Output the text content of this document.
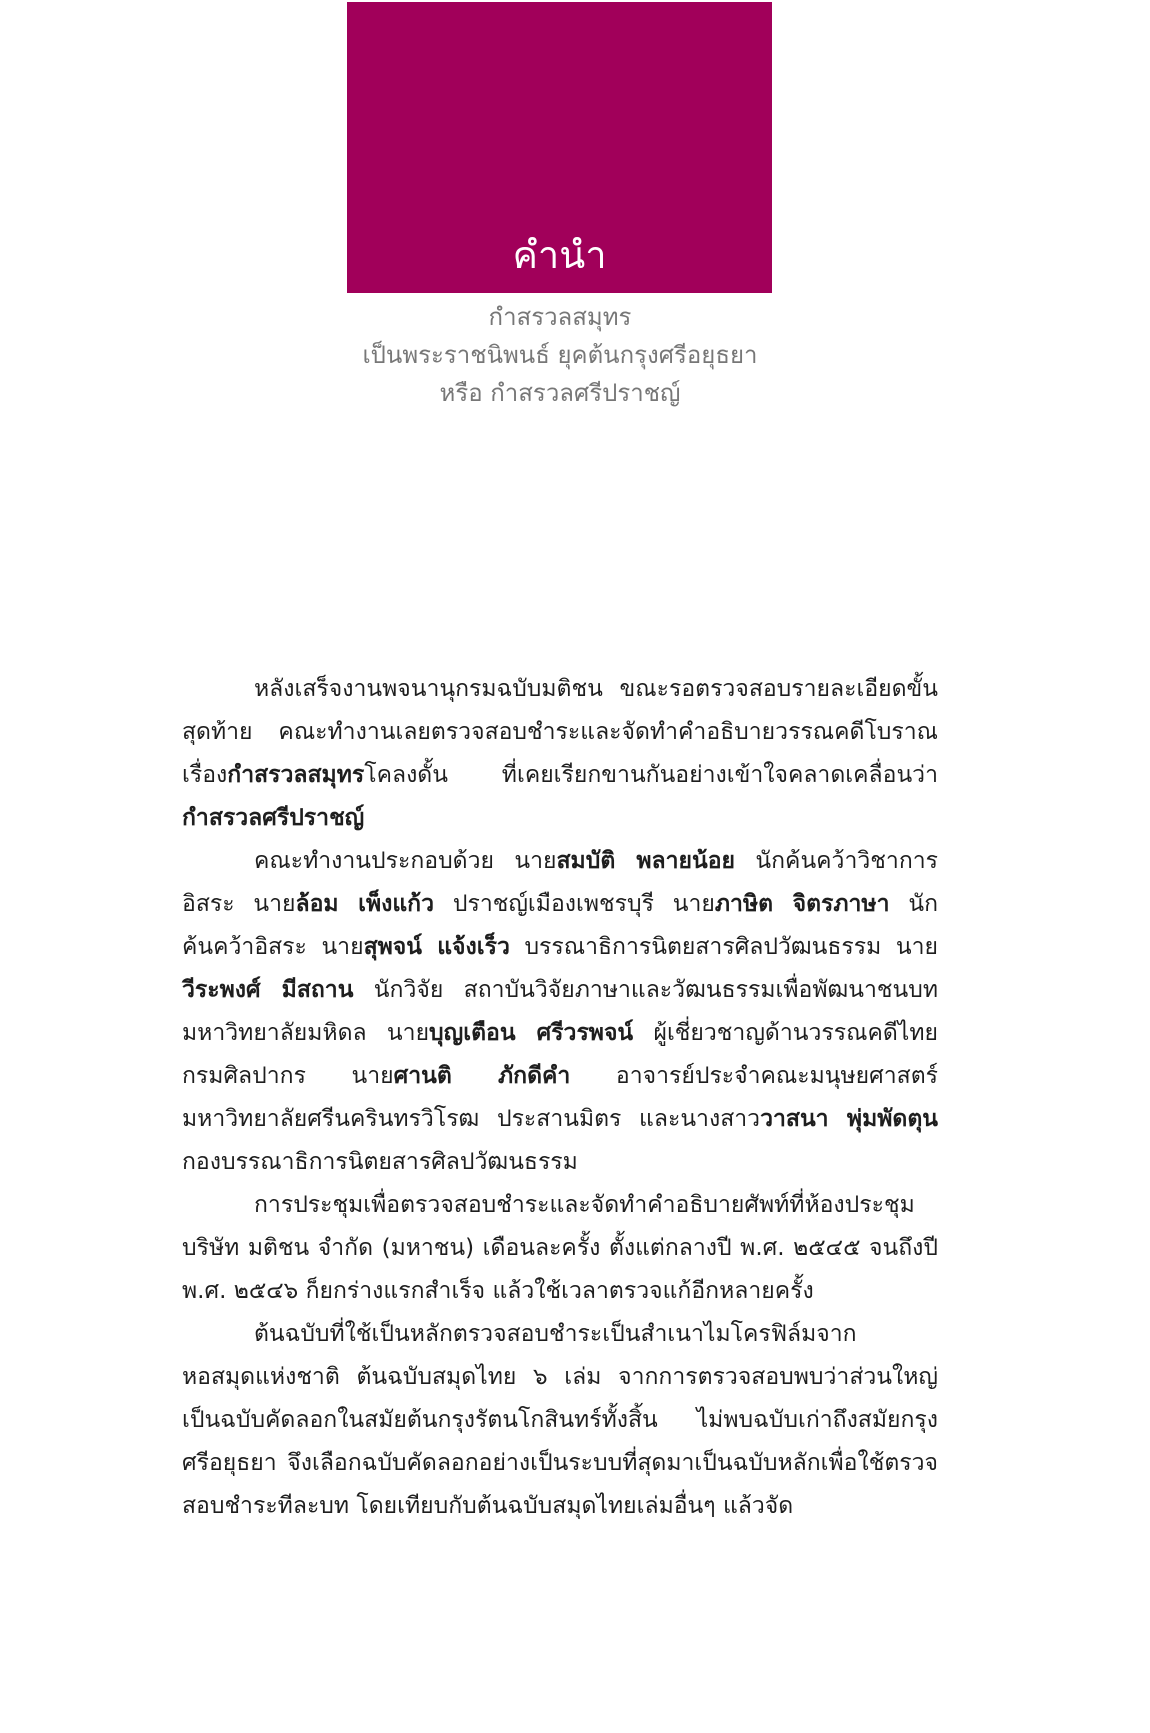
คำนำ
กำสรวลสมุทร
เป็นพระราชนิพนธ์ ยุคต้นกรุงศรีอยุธยา
หรือ กำสรวลศรีปราชญ์

หลังเสร็จงานพจนานุกรมฉบับมติชน ขณะรอตรวจสอบรายละเอียดขั้นสุดท้าย คณะทำงานเลยตรวจสอบชำระและจัดทำคำอธิบายวรรณคดีโบราณเรื่องกำสรวลสมุทรโคลงดั้น ที่เคยเรียกขานกันอย่างเข้าใจคลาดเคลื่อนว่า กำสรวลศรีปราชญ์

คณะทำงานประกอบด้วย นายสมบัติ พลายน้อย นักค้นคว้าวิชาการอิสระ นายล้อม เพ็งแก้ว ปราชญ์เมืองเพชรบุรี นายภาษิต จิตรภาษา นักค้นคว้าอิสระ นายสุพจน์ แจ้งเร็ว บรรณาธิการนิตยสารศิลปวัฒนธรรม นายวีระพงศ์ มีสถาน นักวิจัย สถาบันวิจัยภาษาและวัฒนธรรมเพื่อพัฒนาชนบท มหาวิทยาลัยมหิดล นายบุญเตือน ศรีวรพจน์ ผู้เชี่ยวชาญด้านวรรณคดีไทย กรมศิลปากร นายศานติ ภักดีคำ อาจารย์ประจำคณะมนุษยศาสตร์ มหาวิทยาลัยศรีนครินทรวิโรฒ ประสานมิตร และนางสาววาสนา พุ่มพัดตุน กองบรรณาธิการนิตยสารศิลปวัฒนธรรม

การประชุมเพื่อตรวจสอบชำระและจัดทำคำอธิบายศัพท์ที่ห้องประชุมบริษัท มติชน จำกัด (มหาชน) เดือนละครั้ง ตั้งแต่กลางปี พ.ศ. ๒๕๔๕ จนถึงปี พ.ศ. ๒๕๔๖ ก็ยกร่างแรกสำเร็จ แล้วใช้เวลาตรวจแก้อีกหลายครั้ง

ต้นฉบับที่ใช้เป็นหลักตรวจสอบชำระเป็นสำเนาไมโครฟิล์มจากหอสมุดแห่งชาติ ต้นฉบับสมุดไทย ๖ เล่ม จากการตรวจสอบพบว่าส่วนใหญ่เป็นฉบับคัดลอกในสมัยต้นกรุงรัตนโกสินทร์ทั้งสิ้น ไม่พบฉบับเก่าถึงสมัยกรุงศรีอยุธยา จึงเลือกฉบับคัดลอกอย่างเป็นระบบที่สุดมาเป็นฉบับหลักเพื่อใช้ตรวจสอบชำระทีละบท โดยเทียบกับต้นฉบับสมุดไทยเล่มอื่นๆ แล้วจัด
